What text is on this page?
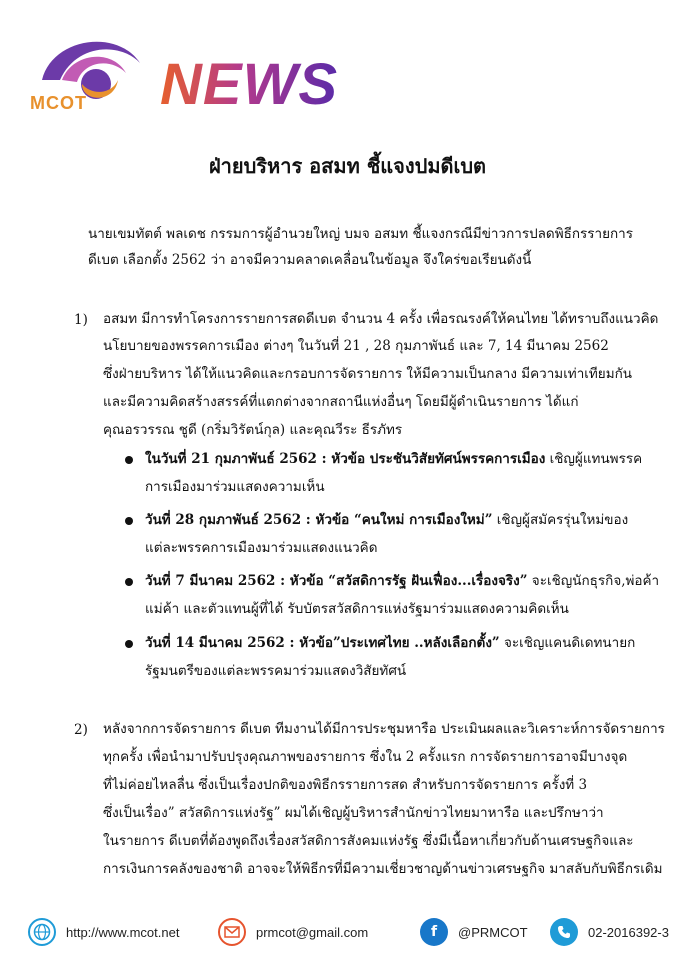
MCOT NEWS
ฝ่ายบริหาร อสมท ชี้แจงปมดีเบต
นายเขมทัตต์ พลเดช กรรมการผู้อำนวยใหญ่ บมจ อสมท ชี้แจงกรณีมีข่าวการปลดพิธีกรรายการ
ดีเบต เลือกตั้ง 2562 ว่า อาจมีความคลาดเคลื่อนในข้อมูล จึงใคร่ขอเรียนดังนี้
1) อสมท มีการทำโครงการรายการสดดีเบต จำนวน 4 ครั้ง เพื่อรณรงค์ให้คนไทย ได้ทราบถึงแนวคิด
นโยบายของพรรคการเมือง ต่างๆ ในวันที่ 21 , 28 กุมภาพันธ์ และ 7, 14 มีนาคม 2562
ซึ่งฝ่ายบริหาร ได้ให้แนวคิดและกรอบการจัดรายการ ให้มีความเป็นกลาง มีความเท่าเทียมกัน
และมีความคิดสร้างสรรค์ที่แตกต่างจากสถานีแห่งอื่นๆ โดยมีผู้ดำเนินรายการ ได้แก่
คุณอรวรรณ ชูดี (กริ่มวิรัตน์กุล) และคุณวีระ ธีรภัทร
ในวันที่ 21 กุมภาพันธ์ 2562 : หัวข้อ ประชันวิสัยทัศน์พรรคการเมือง เชิญผู้แทนพรรค
การเมืองมาร่วมแสดงความเห็น
วันที่ 28 กุมภาพันธ์ 2562 : หัวข้อ “คนใหม่ การเมืองใหม่” เชิญผู้สมัครรุ่นใหม่ของ
แต่ละพรรคการเมืองมาร่วมแสดงแนวคิด
วันที่ 7 มีนาคม 2562 : หัวข้อ “สวัสดิการรัฐ ฝันเฟื่อง...เรื่องจริง” จะเชิญนักธุรกิจ,พ่อค้า
แม่ค้า และตัวแทนผู้ที่ได้ รับบัตรสวัสดิการแห่งรัฐมาร่วมแสดงความคิดเห็น
วันที่ 14 มีนาคม 2562 : หัวข้อ”ประเทศไทย ..หลังเลือกตั้ง” จะเชิญแคนดิเดทนายก
รัฐมนตรีของแต่ละพรรคมาร่วมแสดงวิสัยทัศน์
2) หลังจากการจัดรายการ ดีเบต ทีมงานได้มีการประชุมหารือ ประเมินผลและวิเคราะห์การจัดรายการ
ทุกครั้ง เพื่อนำมาปรับปรุงคุณภาพของรายการ ซึ่งใน 2 ครั้งแรก การจัดรายการอาจมีบางจุด
ที่ไม่ค่อยไหลลื่น ซึ่งเป็นเรื่องปกติของพิธีกรรายการสด สำหรับการจัดรายการ ครั้งที่ 3
ซึ่งเป็นเรื่อง” สวัสดิการแห่งรัฐ” ผมได้เชิญผู้บริหารสำนักข่าวไทยมาหารือ และปรึกษาว่า
ในรายการ ดีเบตที่ต้องพูดถึงเรื่องสวัสดิการสังคมแห่งรัฐ ซึ่งมีเนื้อหาเกี่ยวกับด้านเศรษฐกิจและ
การเงินการคลังของชาติ อาจจะให้พิธีกรที่มีความเชี่ยวชาญด้านข่าวเศรษฐกิจ มาสลับกับพิธีกรเดิม
http://www.mcot.net	prmcot@gmail.com	f	@PRMCOT	02-2016392-3
